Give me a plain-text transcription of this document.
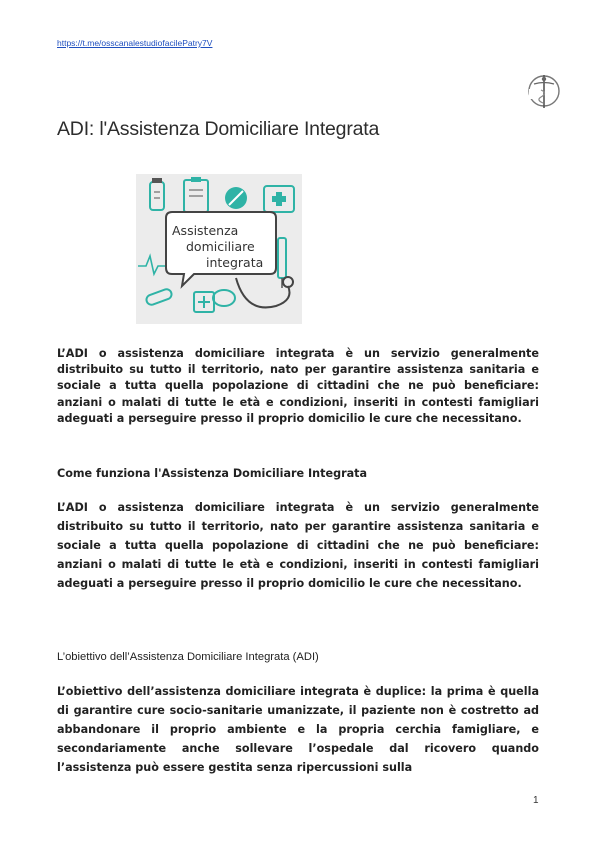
https://t.me/osscanalestudiofacilePatry7V
ADI: l'Assistenza Domiciliare Integrata
Assistenza
domiciliare
integrata

L’ADI o assistenza domiciliare integrata è un servizio generalmente distribuito su tutto il territorio, nato per garantire assistenza sanitaria e sociale a tutta quella popolazione di cittadini che ne può beneficiare: anziani o malati di tutte le età e condizioni, inseriti in contesti famigliari adeguati a perseguire presso il proprio domicilio le cure che necessitano.

Come funziona l'Assistenza Domiciliare Integrata

L’ADI o assistenza domiciliare integrata è un servizio generalmente distribuito su tutto il territorio, nato per garantire assistenza sanitaria e sociale a tutta quella popolazione di cittadini che ne può beneficiare: anziani o malati di tutte le età e condizioni, inseriti in contesti famigliari adeguati a perseguire presso il proprio domicilio le cure che necessitano.

L’obiettivo dell’Assistenza Domiciliare Integrata (ADI)

L’obiettivo dell’assistenza domiciliare integrata è duplice: la prima è quella di garantire cure socio-sanitarie umanizzate, il paziente non è costretto ad abbandonare il proprio ambiente e la propria cerchia famigliare, e secondariamente anche sollevare l’ospedale dal ricovero quando l’assistenza può essere gestita senza ripercussioni sulla

1
